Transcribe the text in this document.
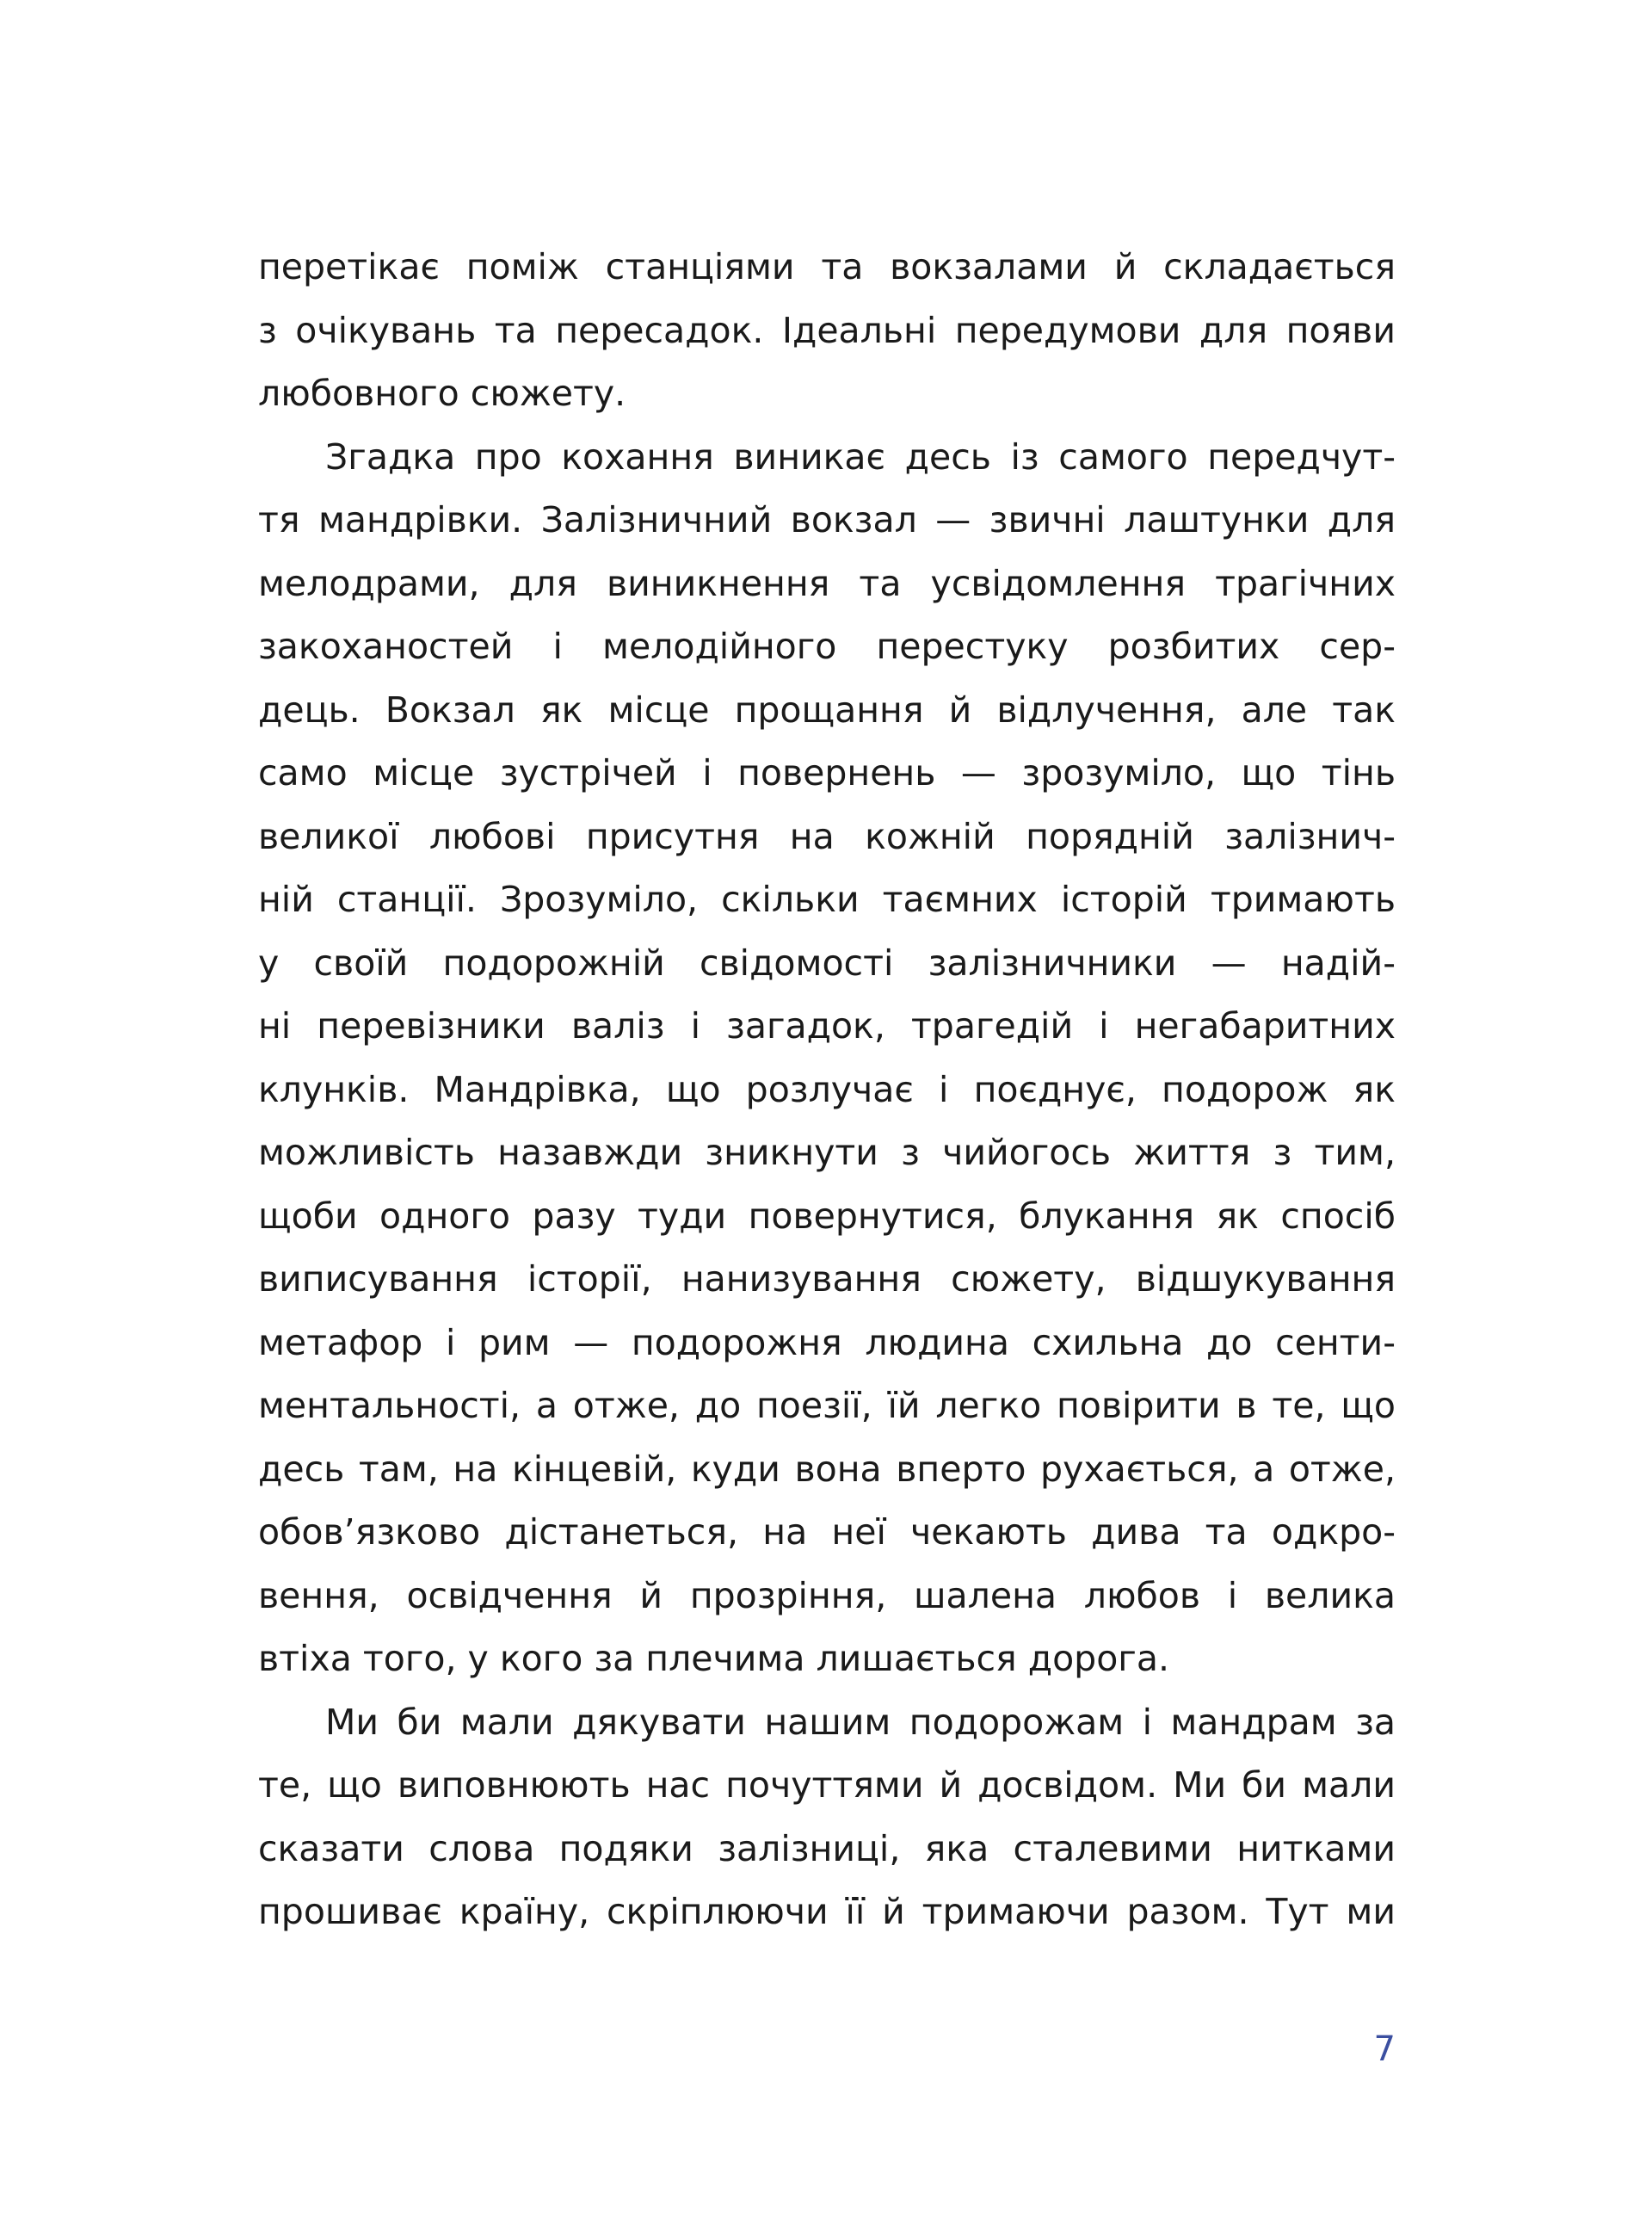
перетікає поміж станціями та вокзалами й складається
з очікувань та пересадок. Ідеальні передумови для появи
любовного сюжету.
Згадка про кохання виникає десь із самого передчут-
тя мандрівки. Залізничний вокзал — звичні лаштунки для
мелодрами, для виникнення та усвідомлення трагічних
закоханостей і мелодійного перестуку розбитих сер-
дець. Вокзал як місце прощання й відлучення, але так
само місце зустрічей і повернень — зрозуміло, що тінь
великої любові присутня на кожній порядній залізнич-
ній станції. Зрозуміло, скільки таємних історій тримають
у своїй подорожній свідомості залізничники — надій-
ні перевізники валіз і загадок, трагедій і негабаритних
клунків. Мандрівка, що розлучає і поєднує, подорож як
можливість назавжди зникнути з чийогось життя з тим,
щоби одного разу туди повернутися, блукання як спосіб
виписування історії, нанизування сюжету, відшукування
метафор і рим — подорожня людина схильна до сенти-
ментальності, а отже, до поезії, їй легко повірити в те, що
десь там, на кінцевій, куди вона вперто рухається, а отже,
обов’язково дістанеться, на неї чекають дива та одкро-
вення, освідчення й прозріння, шалена любов і велика
втіха того, у кого за плечима лишається дорога.
Ми би мали дякувати нашим подорожам і мандрам за
те, що виповнюють нас почуттями й досвідом. Ми би мали
сказати слова подяки залізниці, яка сталевими нитками
прошиває країну, скріплюючи її й тримаючи разом. Тут ми
7
